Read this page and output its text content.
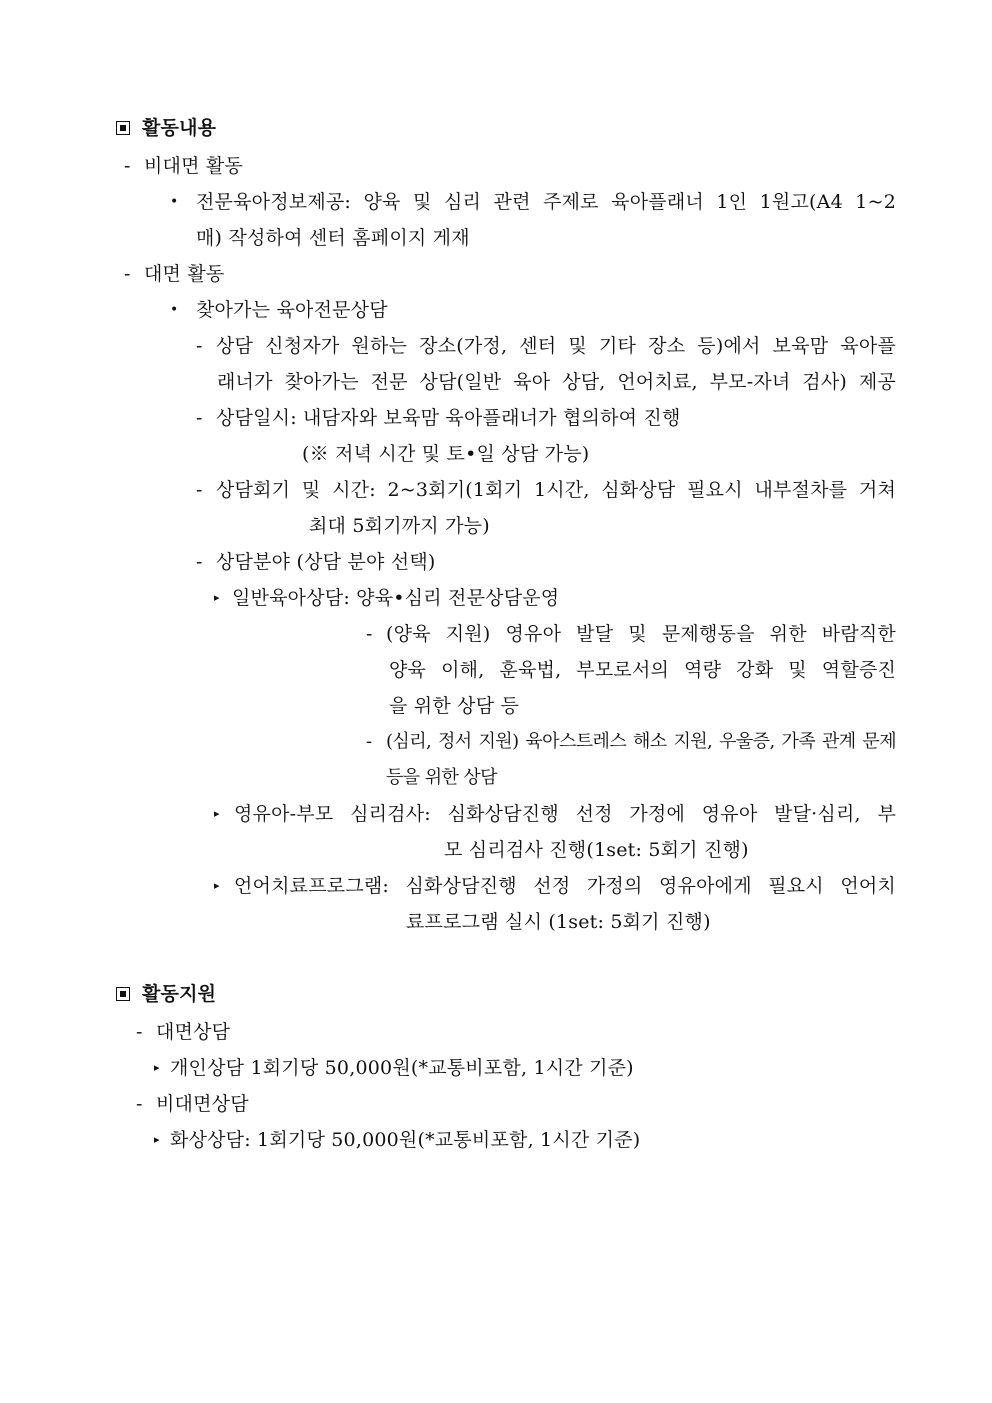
활동내용
- 비대면 활동
• 전문육아정보제공: 양육 및 심리 관련 주제로 육아플래너 1인 1원고(A4 1~2
매) 작성하여 센터 홈페이지 게재
- 대면 활동
• 찾아가는 육아전문상담
- 상담 신청자가 원하는 장소(가정, 센터 및 기타 장소 등)에서 보육맘 육아플
래너가 찾아가는 전문 상담(일반 육아 상담, 언어치료, 부모-자녀 검사) 제공
- 상담일시: 내담자와 보육맘 육아플래너가 협의하여 진행
(※ 저녁 시간 및 토•일 상담 가능)
- 상담회기 및 시간: 2~3회기(1회기 1시간, 심화상담 필요시 내부절차를 거쳐
최대 5회기까지 가능)
- 상담분야 (상담 분야 선택)
▸ 일반육아상담: 양육•심리 전문상담운영
- (양육 지원) 영유아 발달 및 문제행동을 위한 바람직한
양육 이해, 훈육법, 부모로서의 역량 강화 및 역할증진
을 위한 상담 등
- (심리, 정서 지원) 육아스트레스 해소 지원, 우울증, 가족 관계 문제
등을 위한 상담
▸ 영유아-부모 심리검사: 심화상담진행 선정 가정에 영유아 발달·심리, 부
모 심리검사 진행(1set: 5회기 진행)
▸ 언어치료프로그램: 심화상담진행 선정 가정의 영유아에게 필요시 언어치
료프로그램 실시 (1set: 5회기 진행)
활동지원
- 대면상담
▸ 개인상담 1회기당 50,000원(*교통비포함, 1시간 기준)
- 비대면상담
▸ 화상상담: 1회기당 50,000원(*교통비포함, 1시간 기준)
